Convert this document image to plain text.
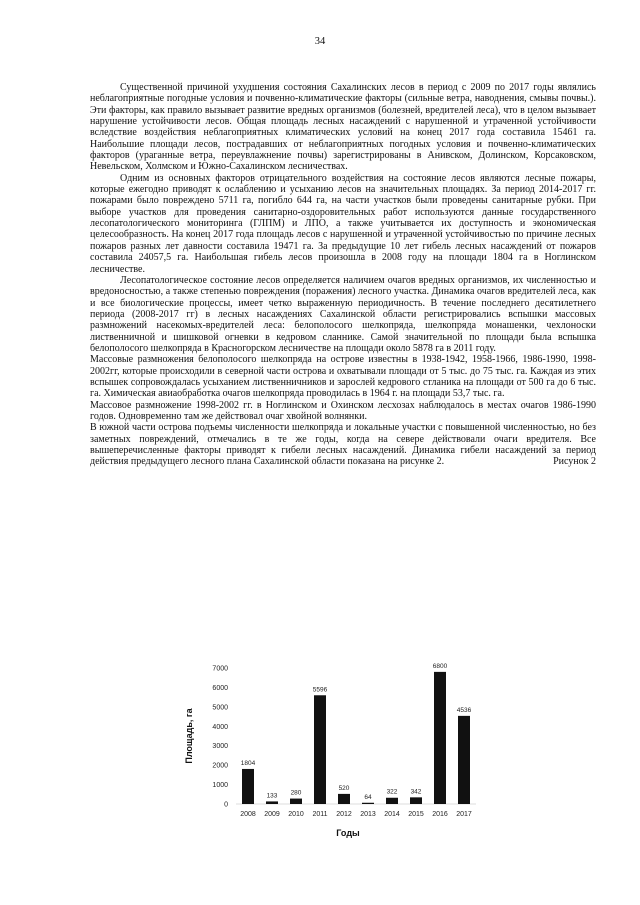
34

Существенной причиной ухудшения состояния Сахалинских лесов в период с 2009 по 2017 годы являлись неблагоприятные погодные условия и почвенно-климатические факторы (сильные ветра, наводнения, смывы почвы.). Эти факторы, как правило вызывает развитие вредных организмов (болезней, вредителей леса), что в целом вызывает нарушение устойчивости лесов. Общая площадь лесных насаждений с нарушенной и утраченной устойчивости вследствие воздействия неблагоприятных климатических условий на конец 2017 года составила 15461 га. Наибольшие площади лесов, пострадавших от неблагоприятных погодных условия и почвенно-климатических факторов (ураганные ветра, переувлажнение почвы) зарегистрированы в Анивском, Долинском, Корсаковском, Невельском, Холмском и Южно-Сахалинском лесничествах.

Одним из основных факторов отрицательного воздействия на состояние лесов являются лесные пожары, которые ежегодно приводят к ослаблению и усыханию лесов на значительных площадях. За период 2014-2017 гг. пожарами было повреждено 5711 га, погибло 644 га, на части участков были проведены санитарные рубки. При выборе участков для проведения санитарно-оздоровительных работ используются данные государственного лесопатологического мониторинга (ГЛПМ) и ЛПО, а также учитывается их доступность и экономическая целесообразность. На конец 2017 года площадь лесов с нарушенной и утраченной устойчивостью по причине лесных пожаров разных лет давности составила 19471 га. За предыдущие 10 лет гибель лесных насаждений от пожаров составила 24057,5 га. Наибольшая гибель лесов произошла в 2008 году на площади 1804 га в Ноглинском лесничестве.

Лесопатологическое состояние лесов определяется наличием очагов вредных организмов, их численностью и вредоносностью, а также степенью повреждения (поражения) лесного участка. Динамика очагов вредителей леса, как и все биологические процессы, имеет четко выраженную периодичность. В течение последнего десятилетнего периода (2008-2017 гг) в лесных насаждениях Сахалинской области регистрировались вспышки массовых размножений насекомых-вредителей леса: белополосого шелкопряда, шелкопряда монашенки, чехлоноски лиственничной и шишковой огневки в кедровом сланнике. Самой значительной по площади была вспышка белополосого шелкопряда в Красногорском лесничестве на площади около 5878 га в 2011 году.

Массовые размножения белополосого шелкопряда на острове известны в 1938-1942, 1958-1966, 1986-1990, 1998-2002гг, которые происходили в северной части острова и охватывали площади от 5 тыс. до 75 тыс. га. Каждая из этих вспышек сопровождалась усыханием лиственничников и зарослей кедрового стланика на площади от 500 га до 6 тыс. га. Химическая авиаобработка очагов шелкопряда проводилась в 1964 г. на площади 53,7 тыс. га.

Массовое размножение 1998-2002 гг. в Ноглинском и Охинском лесхозах наблюдалось в местах очагов 1986-1990 годов. Одновременно там же действовал очаг хвойной волнянки.

В южной части острова подъемы численности шелкопряда и локальные участки с повышенной численностью, но без заметных повреждений, отмечались в те же годы, когда на севере действовали очаги вредителя. Все вышеперечисленные факторы приводят к гибели лесных насаждений. Динамика гибели насаждений за период действия предыдущего лесного плана Сахалинской области показана на рисунке 2.	Рисунок 2

0
1000
2000
3000
4000
5000
6000
7000
Площадь, га	1804
2008
133
2009
280
2010
5596
2011
520
2012
64
2013
322
2014
342
2015
6800
2016
4536
2017
Годы
